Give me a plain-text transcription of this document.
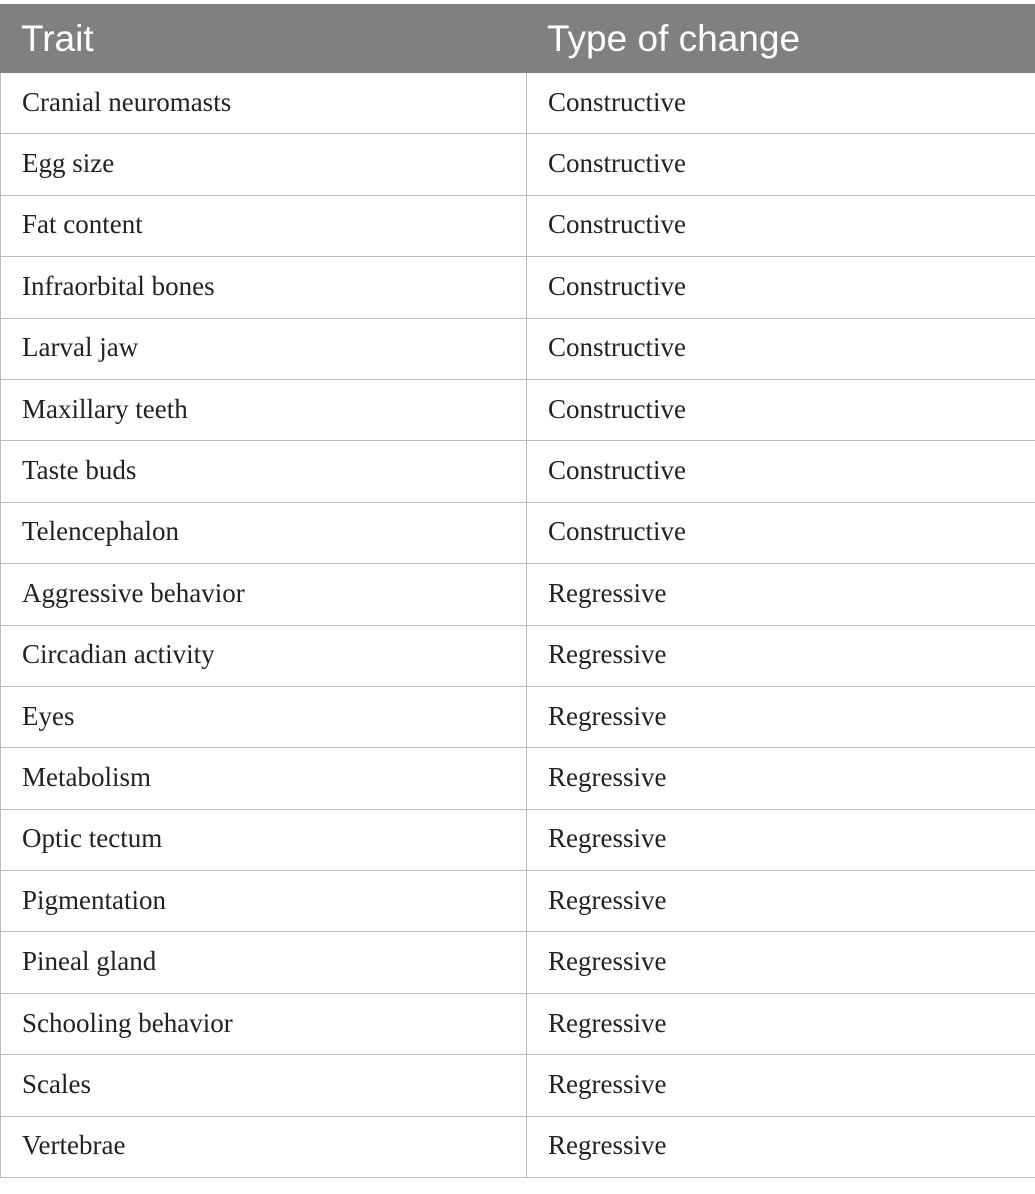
Trait	Type of change
Cranial neuromasts	Constructive
Egg size	Constructive
Fat content	Constructive
Infraorbital bones	Constructive
Larval jaw	Constructive
Maxillary teeth	Constructive
Taste buds	Constructive
Telencephalon	Constructive
Aggressive behavior	Regressive
Circadian activity	Regressive
Eyes	Regressive
Metabolism	Regressive
Optic tectum	Regressive
Pigmentation	Regressive
Pineal gland	Regressive
Schooling behavior	Regressive
Scales	Regressive
Vertebrae	Regressive
